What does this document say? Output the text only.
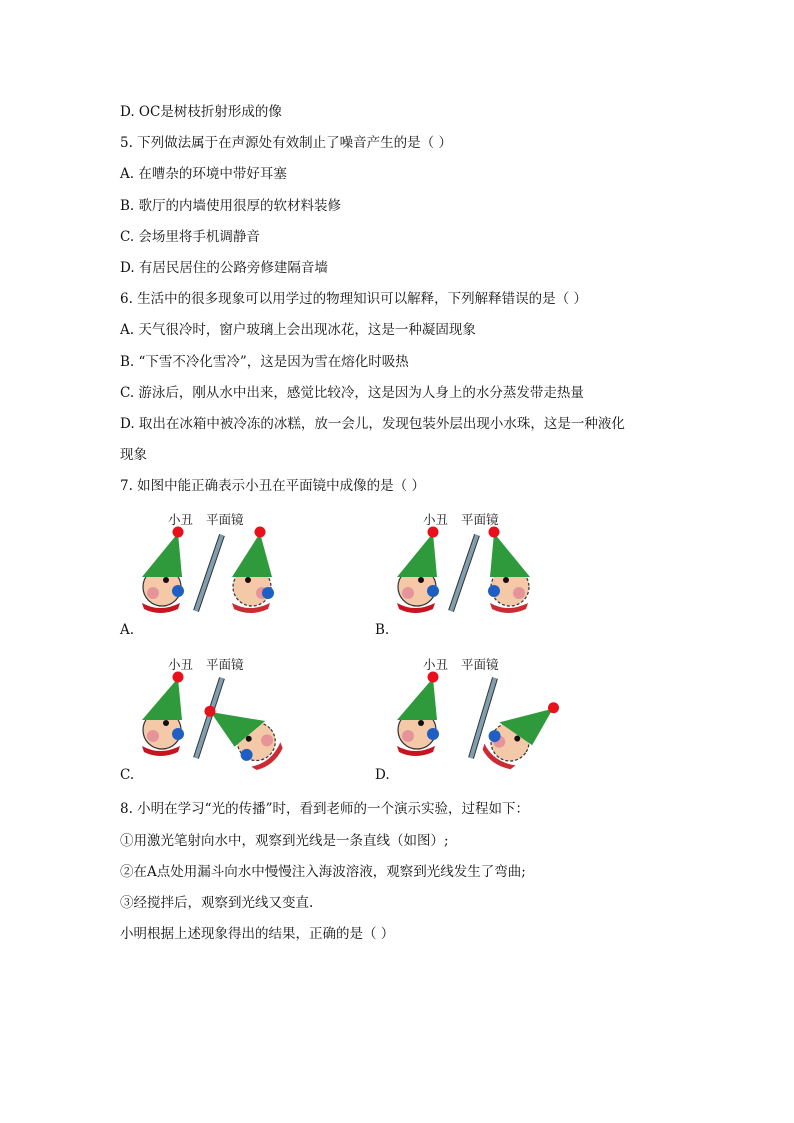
D. OC是树枝折射形成的像
5. 下列做法属于在声源处有效制止了噪音产生的是（ ）
A. 在嘈杂的环境中带好耳塞
B. 歌厅的内墙使用很厚的软材料装修
C. 会场里将手机调静音
D. 有居民居住的公路旁修建隔音墙
6. 生活中的很多现象可以用学过的物理知识可以解释，下列解释错误的是（ ）
A. 天气很冷时，窗户玻璃上会出现冰花，这是一种凝固现象
B. “下雪不冷化雪冷”，这是因为雪在熔化时吸热
C. 游泳后，刚从水中出来，感觉比较冷，这是因为人身上的水分蒸发带走热量
D. 取出在冰箱中被冷冻的冰糕，放一会儿，发现包装外层出现小水珠，这是一种液化
现象
7. 如图中能正确表示小丑在平面镜中成像的是（ ）
小丑 平面镜
A.
小丑 平面镜
B.
小丑 平面镜
C.
小丑 平面镜
D.
8. 小明在学习“光的传播”时，看到老师的一个演示实验，过程如下：
①用激光笔射向水中，观察到光线是一条直线（如图）;
②在A点处用漏斗向水中慢慢注入海波溶液，观察到光线发生了弯曲;
③经搅拌后，观察到光线又变直.
小明根据上述现象得出的结果，正确的是（ ）
